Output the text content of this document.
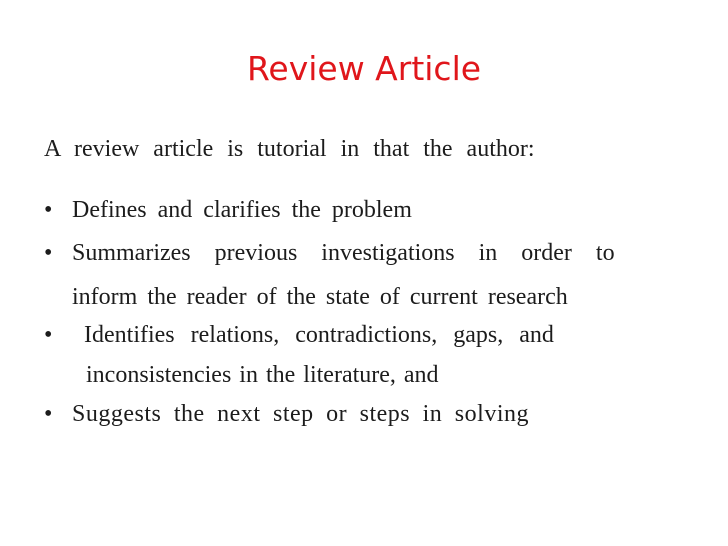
Review Article
A review article is tutorial in that the author:
• Defines and clarifies the problem
• Summarizes previous investigations in order to
inform the reader of the state of current research
• Identifies relations, contradictions, gaps, and
inconsistencies in the literature, and
• Suggests the next step or steps in solving
